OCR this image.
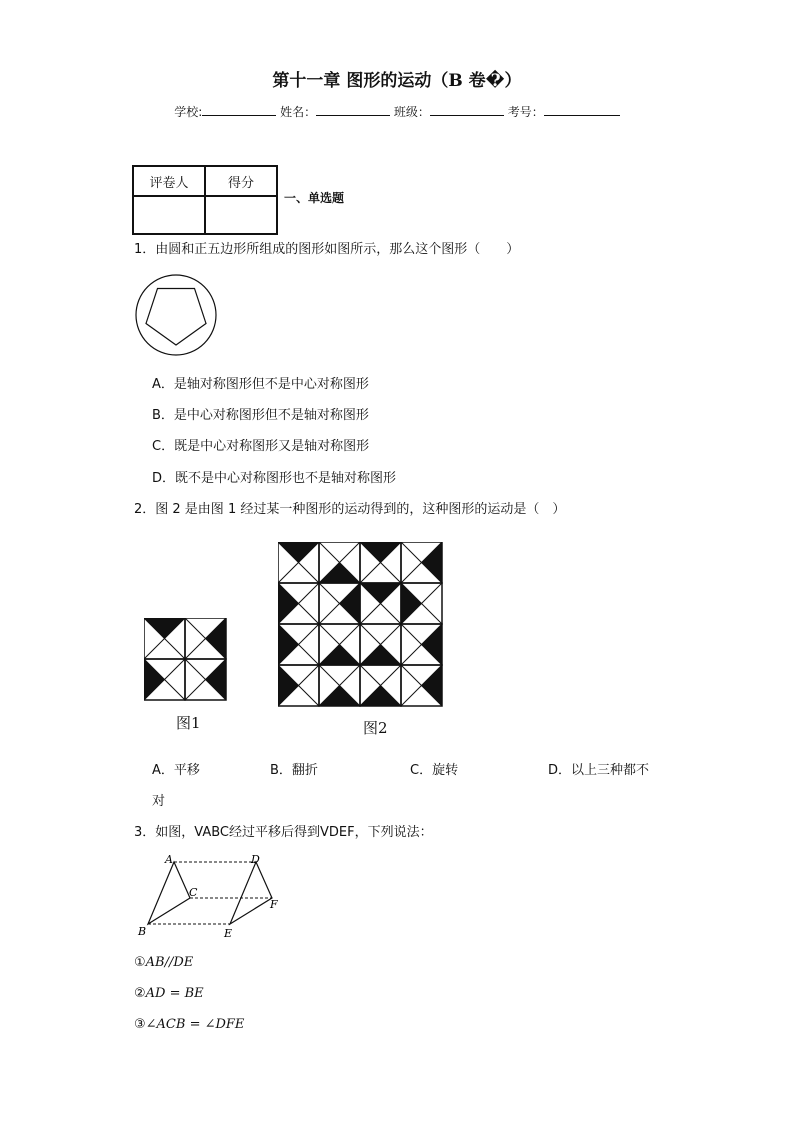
第十一章 图形的运动（B 卷�）
学校:	姓名：	班级：	考号：
评卷人	得分

一、单选题
1．由圆和正五边形所组成的图形如图所示，那么这个图形（　　）
A．是轴对称图形但不是中心对称图形
B．是中心对称图形但不是轴对称图形
C．既是中心对称图形又是轴对称图形
D．既不是中心对称图形也不是轴对称图形
2．图 2 是由图 1 经过某一种图形的运动得到的，这种图形的运动是（　）
图1	图2
A．平移	B．翻折	C．旋转	D．以上三种都不
对
3．如图，VABC经过平移后得到VDEF，下列说法：
A
B
C
D
E
F
①AB//DE
②AD = BE
③∠ACB = ∠DFE
